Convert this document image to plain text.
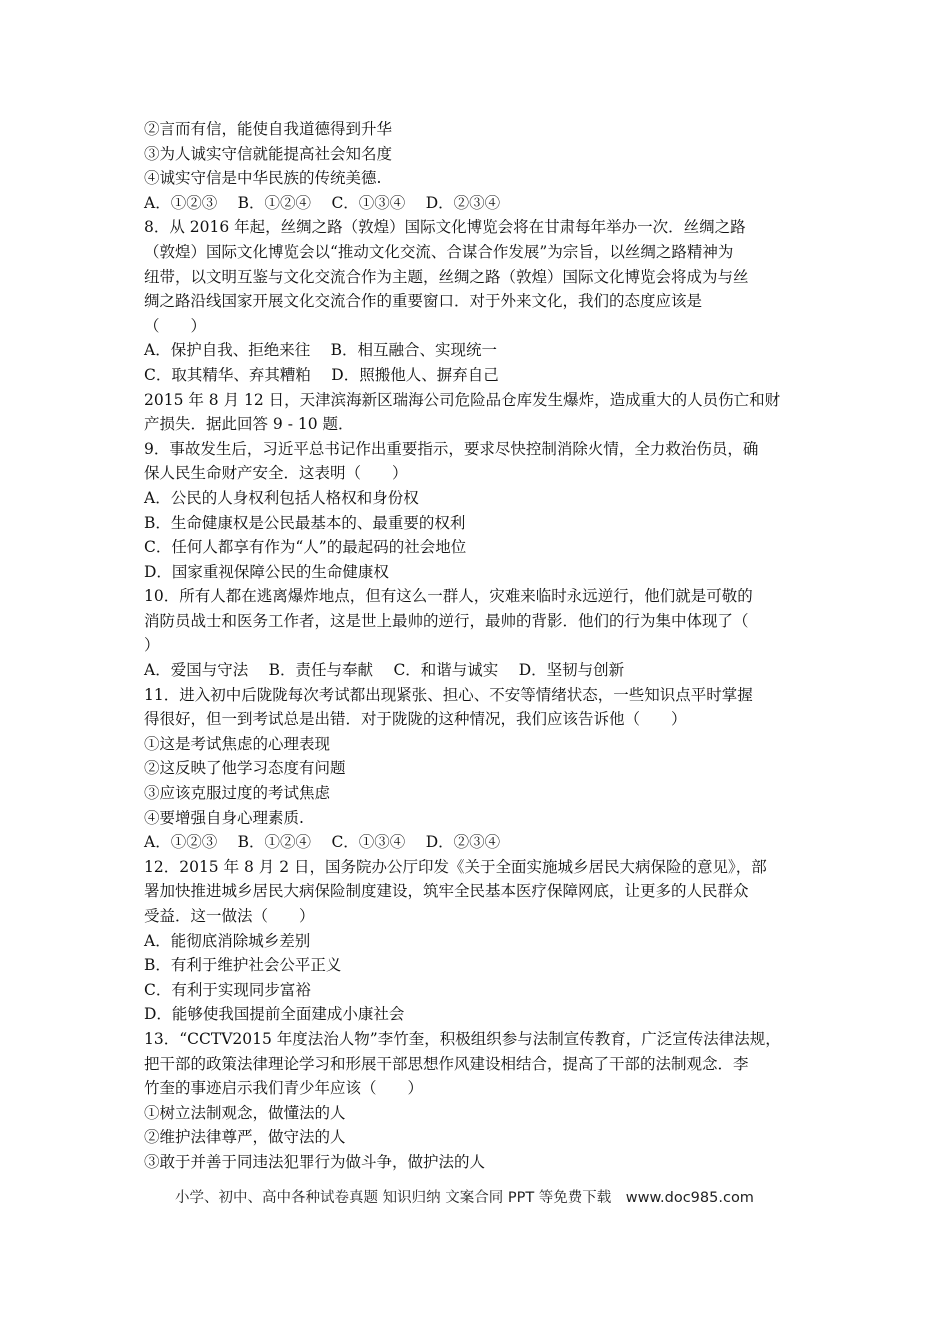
②言而有信，能使自我道德得到升华
③为人诚实守信就能提高社会知名度
④诚实守信是中华民族的传统美德.
A．①②③　 B．①②④　 C．①③④　 D．②③④
8．从 2016 年起，丝绸之路（敦煌）国际文化博览会将在甘肃每年举办一次．丝绸之路
（敦煌）国际文化博览会以“推动文化交流、合谋合作发展”为宗旨，以丝绸之路精神为
纽带，以文明互鉴与文化交流合作为主题，丝绸之路（敦煌）国际文化博览会将成为与丝
绸之路沿线国家开展文化交流合作的重要窗口．对于外来文化，我们的态度应该是
（　　）
A．保护自我、拒绝来往　 B．相互融合、实现统一
C．取其精华、弃其糟粕　 D．照搬他人、摒弃自己
2015 年 8 月 12 日，天津滨海新区瑞海公司危险品仓库发生爆炸，造成重大的人员伤亡和财
产损失．据此回答 9 - 10 题．
9．事故发生后，习近平总书记作出重要指示，要求尽快控制消除火情，全力救治伤员，确
保人民生命财产安全．这表明（　　）
A．公民的人身权利包括人格权和身份权
B．生命健康权是公民最基本的、最重要的权利
C．任何人都享有作为“人”的最起码的社会地位
D．国家重视保障公民的生命健康权
10．所有人都在逃离爆炸地点，但有这么一群人，灾难来临时永远逆行，他们就是可敬的
消防员战士和医务工作者，这是世上最帅的逆行，最帅的背影．他们的行为集中体现了（
）
A．爱国与守法　 B．责任与奉献　 C．和谐与诚实　 D．坚韧与创新
11．进入初中后陇陇每次考试都出现紧张、担心、不安等情绪状态，一些知识点平时掌握
得很好，但一到考试总是出错．对于陇陇的这种情况，我们应该告诉他（　　）
①这是考试焦虑的心理表现
②这反映了他学习态度有问题
③应该克服过度的考试焦虑
④要增强自身心理素质.
A．①②③　 B．①②④　 C．①③④　 D．②③④
12．2015 年 8 月 2 日，国务院办公厅印发《关于全面实施城乡居民大病保险的意见》，部
署加快推进城乡居民大病保险制度建设，筑牢全民基本医疗保障网底，让更多的人民群众
受益．这一做法（　　）
A．能彻底消除城乡差别
B．有利于维护社会公平正义
C．有利于实现同步富裕
D．能够使我国提前全面建成小康社会
13．“CCTV2015 年度法治人物”李竹奎，积极组织参与法制宣传教育，广泛宣传法律法规，
把干部的政策法律理论学习和形展干部思想作风建设相结合，提高了干部的法制观念．李
竹奎的事迹启示我们青少年应该（　　）
①树立法制观念，做懂法的人
②维护法律尊严，做守法的人
③敢于并善于同违法犯罪行为做斗争，做护法的人
小学、初中、高中各种试卷真题 知识归纳 文案合同 PPT 等免费下载　www.doc985.com
